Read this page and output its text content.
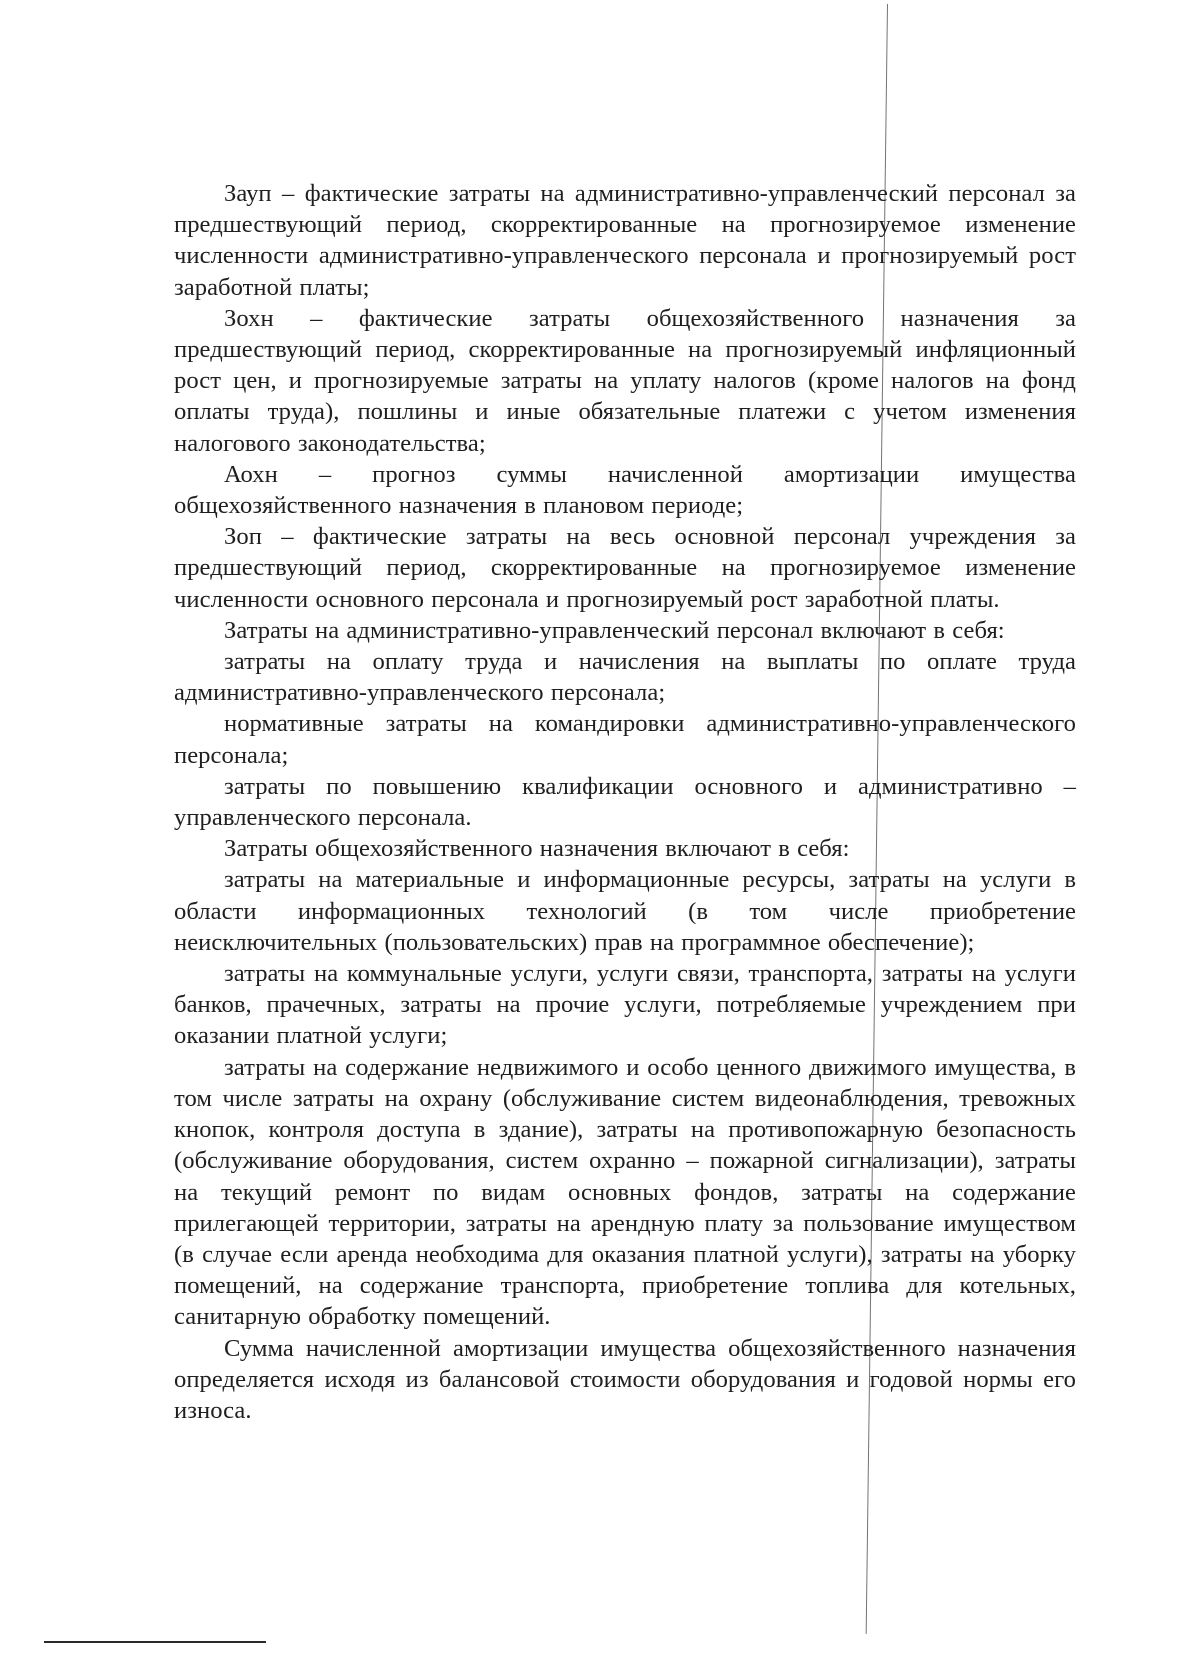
Зауп – фактические затраты на административно-управленческий персонал за предшествующий период, скорректированные на прогнозируемое изменение численности административно-управленческого персонала и прогнозируемый рост заработной платы;

Зохн – фактические затраты общехозяйственного назначения за предшествующий период, скорректированные на прогнозируемый инфляционный рост цен, и прогнозируемые затраты на уплату налогов (кроме налогов на фонд оплаты труда), пошлины и иные обязательные платежи с учетом изменения налогового законодательства;

Аохн – прогноз суммы начисленной амортизации имущества общехозяйственного назначения в плановом периоде;

Зоп – фактические затраты на весь основной персонал учреждения за предшествующий период, скорректированные на прогнозируемое изменение численности основного персонала и прогнозируемый рост заработной платы.

Затраты на административно-управленческий персонал включают в себя:

затраты на оплату труда и начисления на выплаты по оплате труда административно-управленческого персонала;

нормативные затраты на командировки административно-управленческого персонала;

затраты по повышению квалификации основного и административно – управленческого персонала.

Затраты общехозяйственного назначения включают в себя:

затраты на материальные и информационные ресурсы, затраты на услуги в области информационных технологий (в том числе приобретение неисключительных (пользовательских) прав на программное обеспечение);

затраты на коммунальные услуги, услуги связи, транспорта, затраты на услуги банков, прачечных, затраты на прочие услуги, потребляемые учреждением при оказании платной услуги;

затраты на содержание недвижимого и особо ценного движимого имущества, в том числе затраты на охрану (обслуживание систем видеонаблюдения, тревожных кнопок, контроля доступа в здание), затраты на противопожарную безопасность (обслуживание оборудования, систем охранно – пожарной сигнализации), затраты на текущий ремонт по видам основных фондов, затраты на содержание прилегающей территории, затраты на арендную плату за пользование имуществом (в случае если аренда необходима для оказания платной услуги), затраты на уборку помещений, на содержание транспорта, приобретение топлива для котельных, санитарную обработку помещений.

Сумма начисленной амортизации имущества общехозяйственного назначения определяется исходя из балансовой стоимости оборудования и годовой нормы его износа.
